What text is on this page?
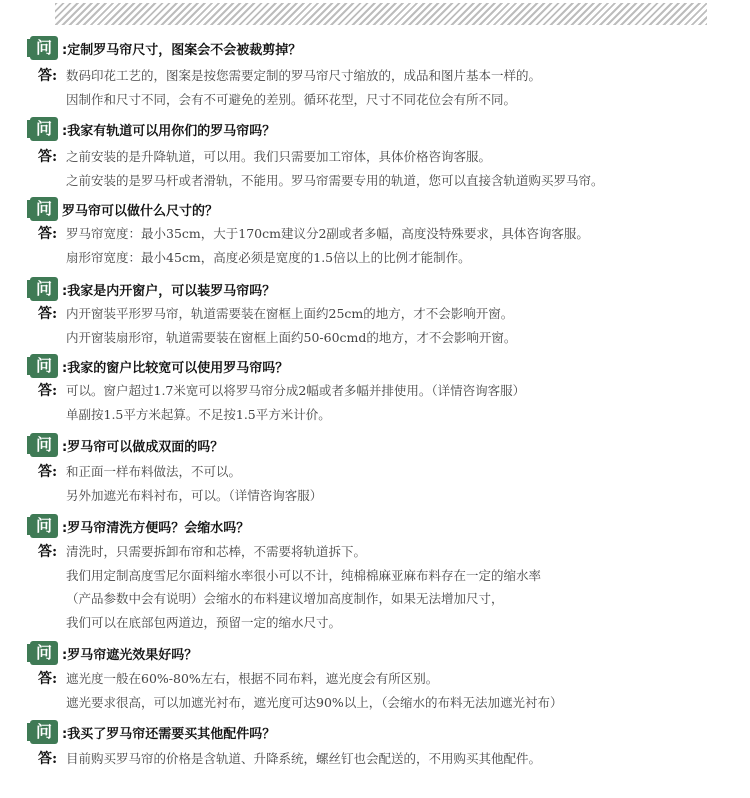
问 :定制罗马帘尺寸，图案会不会被裁剪掉？
答: 数码印花工艺的，图案是按您需要定制的罗马帘尺寸缩放的，成品和图片基本一样的。
因制作和尺寸不同，会有不可避免的差别。循环花型，尺寸不同花位会有所不同。
问 :我家有轨道可以用你们的罗马帘吗？
答: 之前安装的是升降轨道，可以用。我们只需要加工帘体，具体价格咨询客服。
之前安装的是罗马杆或者滑轨，不能用。罗马帘需要专用的轨道，您可以直接含轨道购买罗马帘。
问 罗马帘可以做什么尺寸的？
答: 罗马帘宽度：最小35cm，大于170cm建议分2副或者多幅，高度没特殊要求，具体咨询客服。
扇形帘宽度：最小45cm，高度必须是宽度的1.5倍以上的比例才能制作。
问 :我家是内开窗户，可以装罗马帘吗？
答: 内开窗装平形罗马帘，轨道需要装在窗框上面约25cm的地方，才不会影响开窗。
内开窗装扇形帘，轨道需要装在窗框上面约50-60cmd的地方，才不会影响开窗。
问 :我家的窗户比较宽可以使用罗马帘吗？
答: 可以。窗户超过1.7米宽可以将罗马帘分成2幅或者多幅并排使用。（详情咨询客服）
单副按1.5平方米起算。不足按1.5平方米计价。
问 :罗马帘可以做成双面的吗？
答: 和正面一样布料做法，不可以。
另外加遮光布料衬布，可以。（详情咨询客服）
问 :罗马帘清洗方便吗？会缩水吗？
答: 清洗时，只需要拆卸布帘和芯棒，不需要将轨道拆下。
我们用定制高度雪尼尔面料缩水率很小可以不计，纯棉棉麻亚麻布料存在一定的缩水率
（产品参数中会有说明）会缩水的布料建议增加高度制作，如果无法增加尺寸，
我们可以在底部包两道边，预留一定的缩水尺寸。
问 :罗马帘遮光效果好吗？
答: 遮光度一般在60%-80%左右，根据不同布料，遮光度会有所区别。
遮光要求很高，可以加遮光衬布，遮光度可达90%以上，（会缩水的布料无法加遮光衬布）
问 :我买了罗马帘还需要买其他配件吗？
答: 目前购买罗马帘的价格是含轨道、升降系统，螺丝钉也会配送的，不用购买其他配件。
